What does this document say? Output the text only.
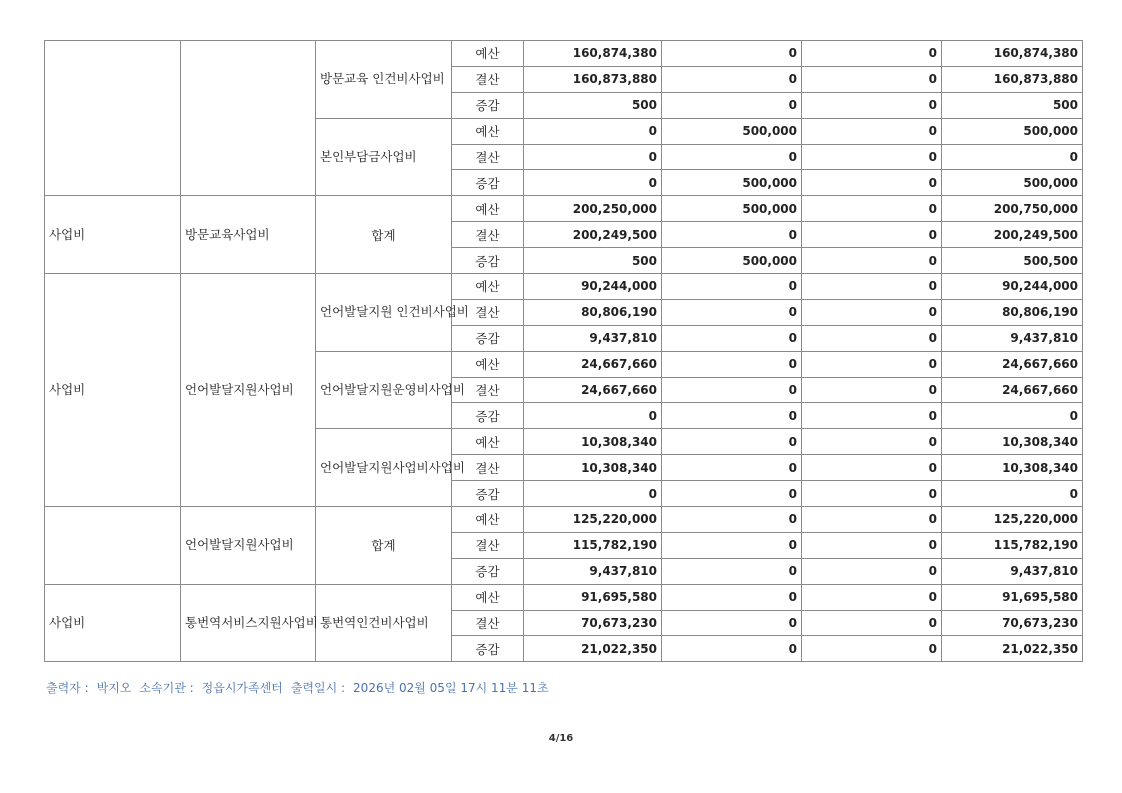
		방문교육 인건비사업비	예산	160,874,380	0	0	160,874,380
			결산	160,873,880	0	0	160,873,880
			증감	500	0	0	500
		본인부담금사업비	예산	0	500,000	0	500,000
			결산	0	0	0	0
			증감	0	500,000	0	500,000
사업비	방문교육사업비	합계	예산	200,250,000	500,000	0	200,750,000
			결산	200,249,500	0	0	200,249,500
			증감	500	500,000	0	500,500
사업비	언어발달지원사업비	언어발달지원 인건비사업비	예산	90,244,000	0	0	90,244,000
			결산	80,806,190	0	0	80,806,190
			증감	9,437,810	0	0	9,437,810
		언어발달지원운영비사업비	예산	24,667,660	0	0	24,667,660
			결산	24,667,660	0	0	24,667,660
			증감	0	0	0	0
		언어발달지원사업비사업비	예산	10,308,340	0	0	10,308,340
			결산	10,308,340	0	0	10,308,340
			증감	0	0	0	0
	언어발달지원사업비	합계	예산	125,220,000	0	0	125,220,000
			결산	115,782,190	0	0	115,782,190
			증감	9,437,810	0	0	9,437,810
사업비	통번역서비스지원사업비	통번역인건비사업비	예산	91,695,580	0	0	91,695,580
			결산	70,673,230	0	0	70,673,230
			증감	21,022,350	0	0	21,022,350
출력자 : 박지오 소속기관 : 정읍시가족센터 출력일시 : 2026년 02월 05일 17시 11분 11초
4/16
